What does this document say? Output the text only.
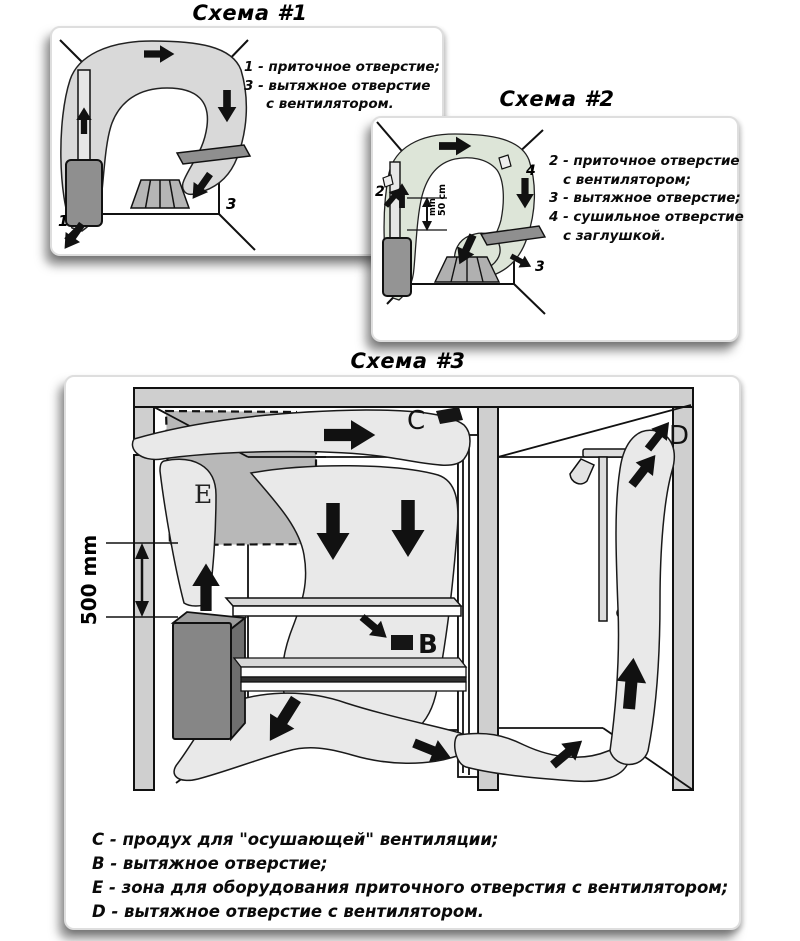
Схема #1
1
3
1 - приточное отверстие;
3 - вытяжное отверстие
с вентилятором.	Схема #2
min 50 cm
2
3
4
2 - приточное отверстие
с вентилятором;
3 - вытяжное отверстие;
4 - сушильное отверстие
с заглушкой.
Схема #3
500 mm
C
B
E
D
C - продух для "осушающей" вентиляции;
B - вытяжное отверстие;
E - зона для оборудования приточного отверстия с вентилятором;
D - вытяжное отверстие с вентилятором.
